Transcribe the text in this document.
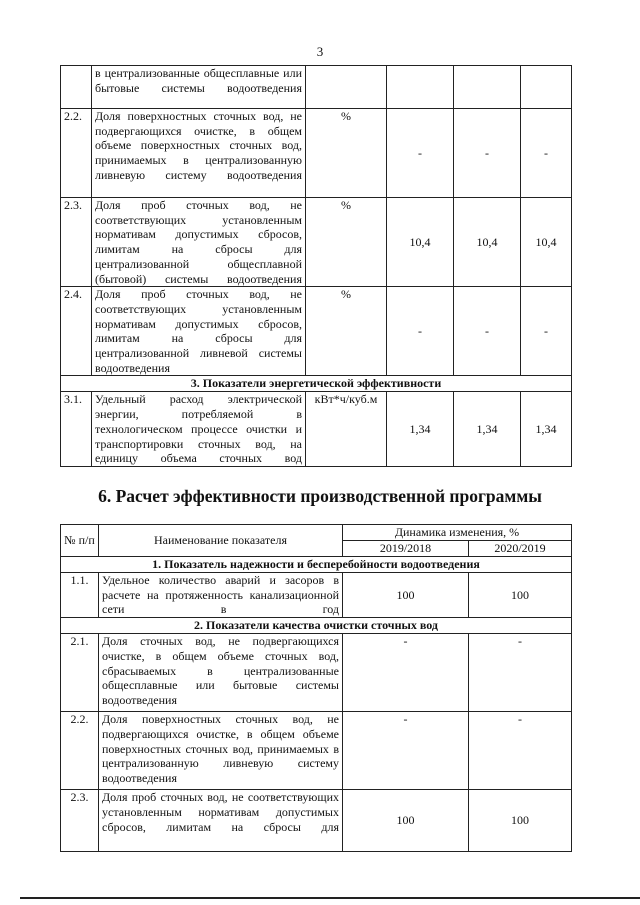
3
	в централизованные общесплавные или бытовые системы водоотведения				
2.2.	Доля поверхностных сточных вод, не подвергающихся очистке, в общем объеме поверхностных сточных вод, принимаемых в централизованную ливневую систему водоотведения	%	-	-	-
2.3.	Доля проб сточных вод, не соответствующих установленным нормативам допустимых сбросов, лимитам на сбросы для централизованной общесплавной (бытовой) системы водоотведения	%	10,4	10,4	10,4
2.4.	Доля проб сточных вод, не соответствующих установленным нормативам допустимых сбросов, лимитам на сбросы для централизованной ливневой системы водоотведения	%	-	-	-
3. Показатели энергетической эффективности					
3.1.	Удельный расход электрической энергии, потребляемой в технологическом процессе очистки и транспортировки сточных вод, на единицу объема сточных вод	кВт*ч/куб.м	1,34	1,34	1,34
6. Расчет эффективности производственной программы
№ п/п	Наименование показателя	Динамика изменения, %	
		2019/2018	2020/2019
1. Показатель надежности и бесперебойности водоотведения			
1.1.	Удельное количество аварий и засоров в расчете на протяженность канализационной сети в год	100	100
2. Показатели качества очистки сточных вод			
2.1.	Доля сточных вод, не подвергающихся очистке, в общем объеме сточных вод, сбрасываемых в централизованные общесплавные или бытовые системы водоотведения	-	-
2.2.	Доля поверхностных сточных вод, не подвергающихся очистке, в общем объеме поверхностных сточных вод, принимаемых в централизованную ливневую систему водоотведения	-	-
2.3.	Доля проб сточных вод, не соответствующих установленным нормативам допустимых сбросов, лимитам на сбросы для	100	100
